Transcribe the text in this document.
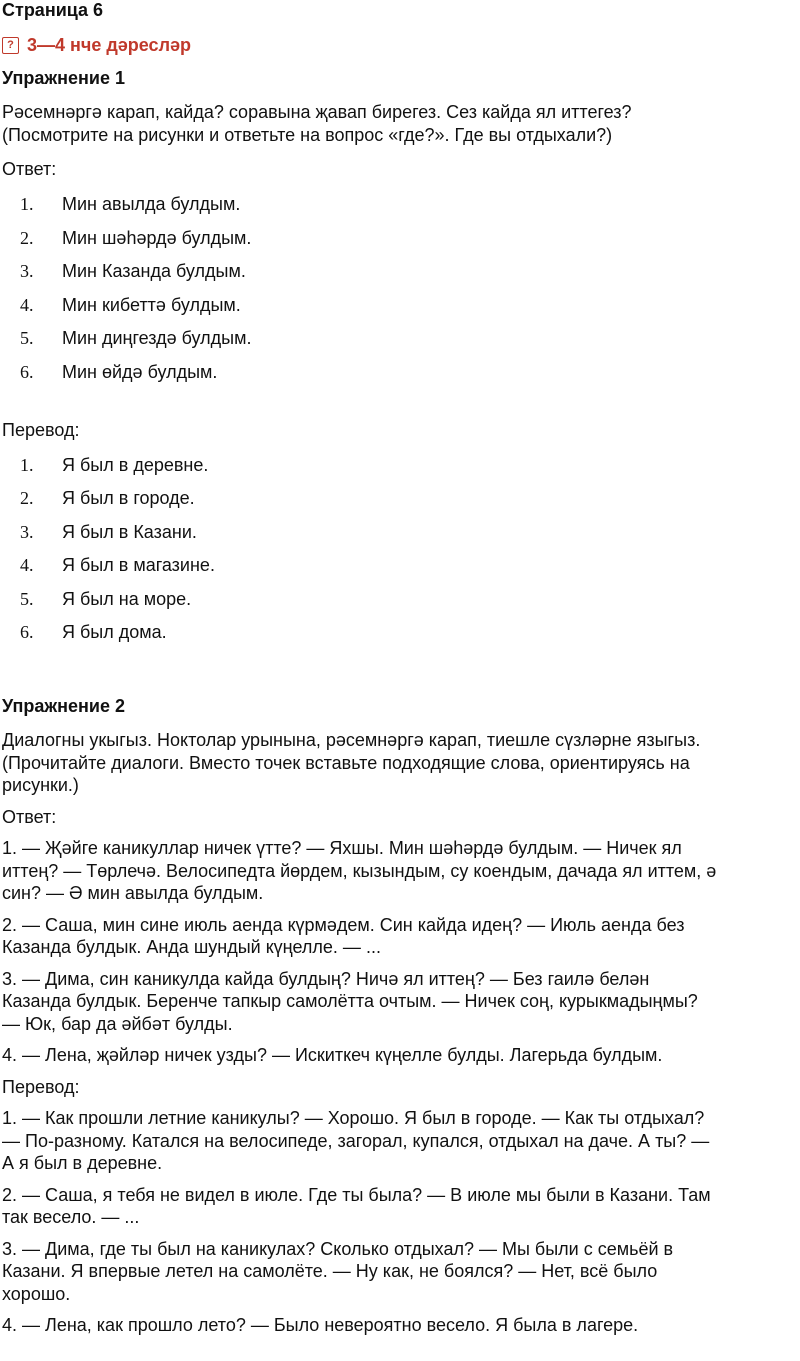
Страница 6
? 3—4 нче дәресләр
Упражнение 1

Рәсемнәргә карап, кайда? соравына җавап бирегез. Сез кайда ял иттегез?

(Посмотрите на рисунки и ответьте на вопрос «где?». Где вы отдыхали?)

Ответ:

1.	Мин авылда булдым.
2.	Мин шәһәрдә булдым.
3.	Мин Казанда булдым.
4.	Мин кибеттә булдым.
5.	Мин диңгездә булдым.
6.	Мин өйдә булдым.

Перевод:

1.	Я был в деревне.
2.	Я был в городе.
3.	Я был в Казани.
4.	Я был в магазине.
5.	Я был на море.
6.	Я был дома.
Упражнение 2

Диалогны укыгыз. Ноктолар урынына, рәсемнәргә карап, тиешле сүзләрне языгыз.

(Прочитайте диалоги. Вместо точек вставьте подходящие слова, ориентируясь на

рисунки.)

Ответ:

1. — Җәйге каникуллар ничек үтте? — Яхшы. Мин шәһәрдә булдым. — Ничек ял
иттең? — Төрлечә. Велосипедта йөрдем, кызындым, су коендым, дачада ял иттем, ә
син? — Ә мин авылда булдым.

2. — Саша, мин сине июль аенда күрмәдем. Син кайда идең? — Июль аенда без
Казанда булдык. Анда шундый күңелле. — ...

3. — Дима, син каникулда кайда булдың? Ничә ял иттең? — Без гаилә белән
Казанда булдык. Беренче тапкыр самолётта очтым. — Ничек соң, курыкмадыңмы?
— Юк, бар да әйбәт булды.

4. — Лена, җәйләр ничек узды? — Искиткеч күңелле булды. Лагерьда булдым.

Перевод:

1. — Как прошли летние каникулы? — Хорошо. Я был в городе. — Как ты отдыхал?
— По-разному. Катался на велосипеде, загорал, купался, отдыхал на даче. А ты? —
А я был в деревне.

2. — Саша, я тебя не видел в июле. Где ты была? — В июле мы были в Казани. Там
так весело. — ...

3. — Дима, где ты был на каникулах? Сколько отдыхал? — Мы были с семьёй в
Казани. Я впервые летел на самолёте. — Ну как, не боялся? — Нет, всё было
хорошо.

4. — Лена, как прошло лето? — Было невероятно весело. Я была в лагере.
